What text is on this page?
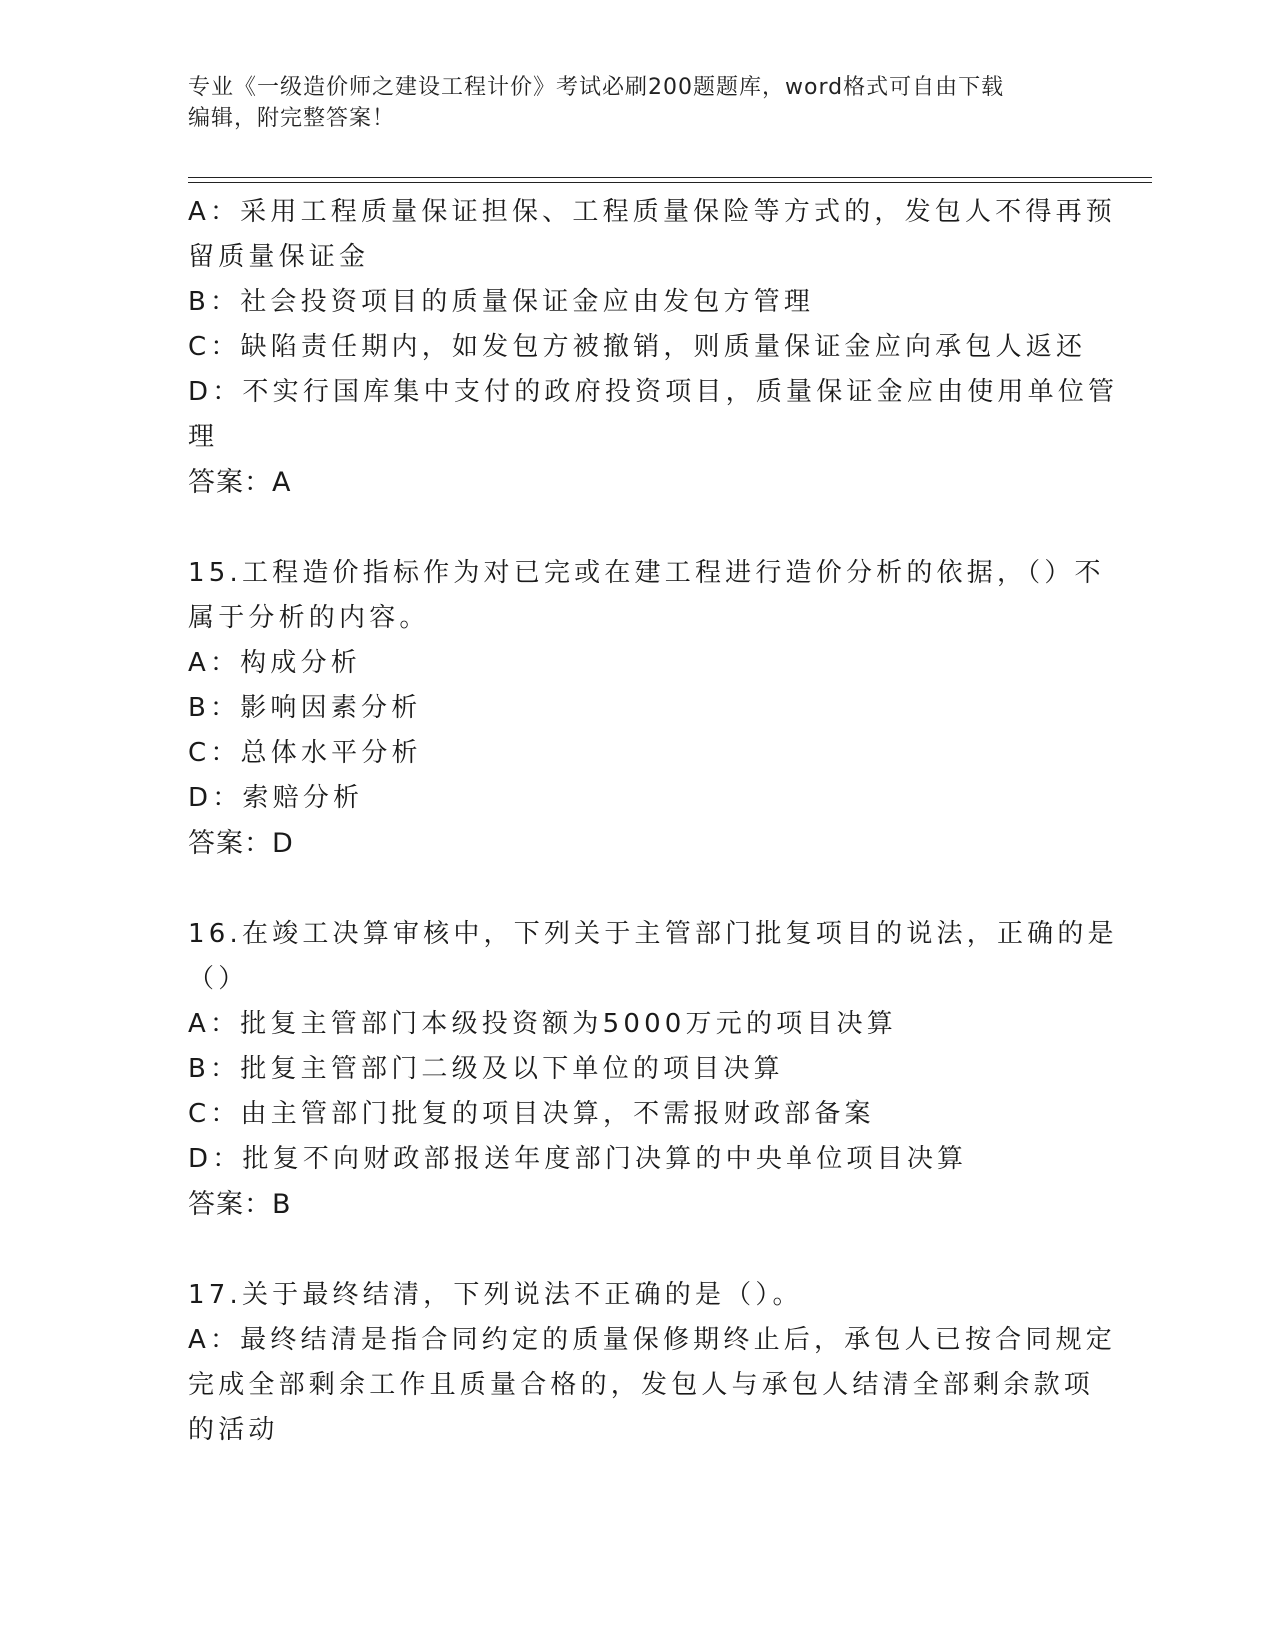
专业《一级造价师之建设工程计价》考试必刷200题题库，word格式可自由下载

编辑，附完整答案！

A：采用工程质量保证担保、工程质量保险等方式的，发包人不得再预

留质量保证金

B：社会投资项目的质量保证金应由发包方管理

C：缺陷责任期内，如发包方被撤销，则质量保证金应向承包人返还

D：不实行国库集中支付的政府投资项目，质量保证金应由使用单位管

理

答案：A

15.工程造价指标作为对已完或在建工程进行造价分析的依据，（）不

属于分析的内容。

A：构成分析

B：影响因素分析

C：总体水平分析

D：索赔分析

答案：D

16.在竣工决算审核中，下列关于主管部门批复项目的说法，正确的是

（）

A：批复主管部门本级投资额为5000万元的项目决算

B：批复主管部门二级及以下单位的项目决算

C：由主管部门批复的项目决算，不需报财政部备案

D：批复不向财政部报送年度部门决算的中央单位项目决算

答案：B

17.关于最终结清，下列说法不正确的是（）。

A：最终结清是指合同约定的质量保修期终止后，承包人已按合同规定

完成全部剩余工作且质量合格的，发包人与承包人结清全部剩余款项

的活动
